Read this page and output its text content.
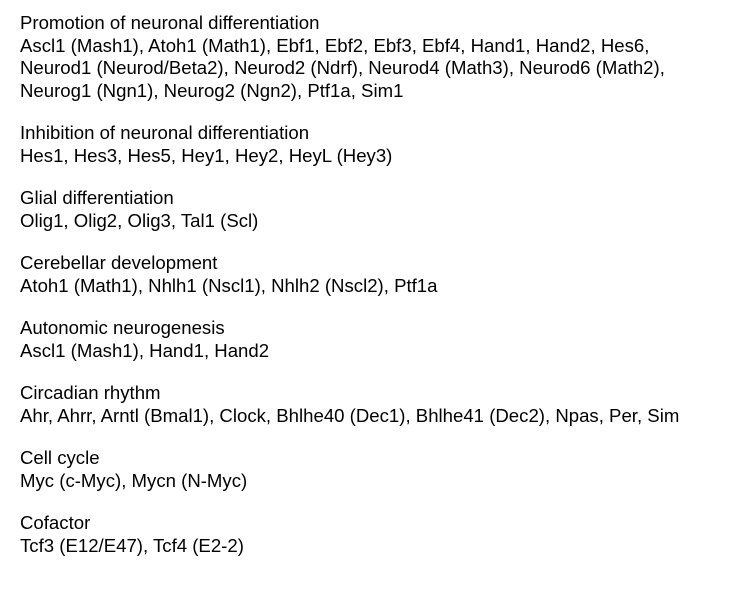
Promotion of neuronal differentiation

Ascl1 (Mash1), Atoh1 (Math1), Ebf1, Ebf2, Ebf3, Ebf4, Hand1, Hand2, Hes6, Neurod1 (Neurod/Beta2), Neurod2 (Ndrf), Neurod4 (Math3), Neurod6 (Math2), Neurog1 (Ngn1), Neurog2 (Ngn2), Ptf1a, Sim1

Inhibition of neuronal differentiation

Hes1, Hes3, Hes5, Hey1, Hey2, HeyL (Hey3)

Glial differentiation

Olig1, Olig2, Olig3, Tal1 (Scl)

Cerebellar development

Atoh1 (Math1), Nhlh1 (Nscl1), Nhlh2 (Nscl2), Ptf1a

Autonomic neurogenesis

Ascl1 (Mash1), Hand1, Hand2

Circadian rhythm

Ahr, Ahrr, Arntl (Bmal1), Clock, Bhlhe40 (Dec1), Bhlhe41 (Dec2), Npas, Per, Sim

Cell cycle

Myc (c-Myc), Mycn (N-Myc)

Cofactor

Tcf3 (E12/E47), Tcf4 (E2-2)
